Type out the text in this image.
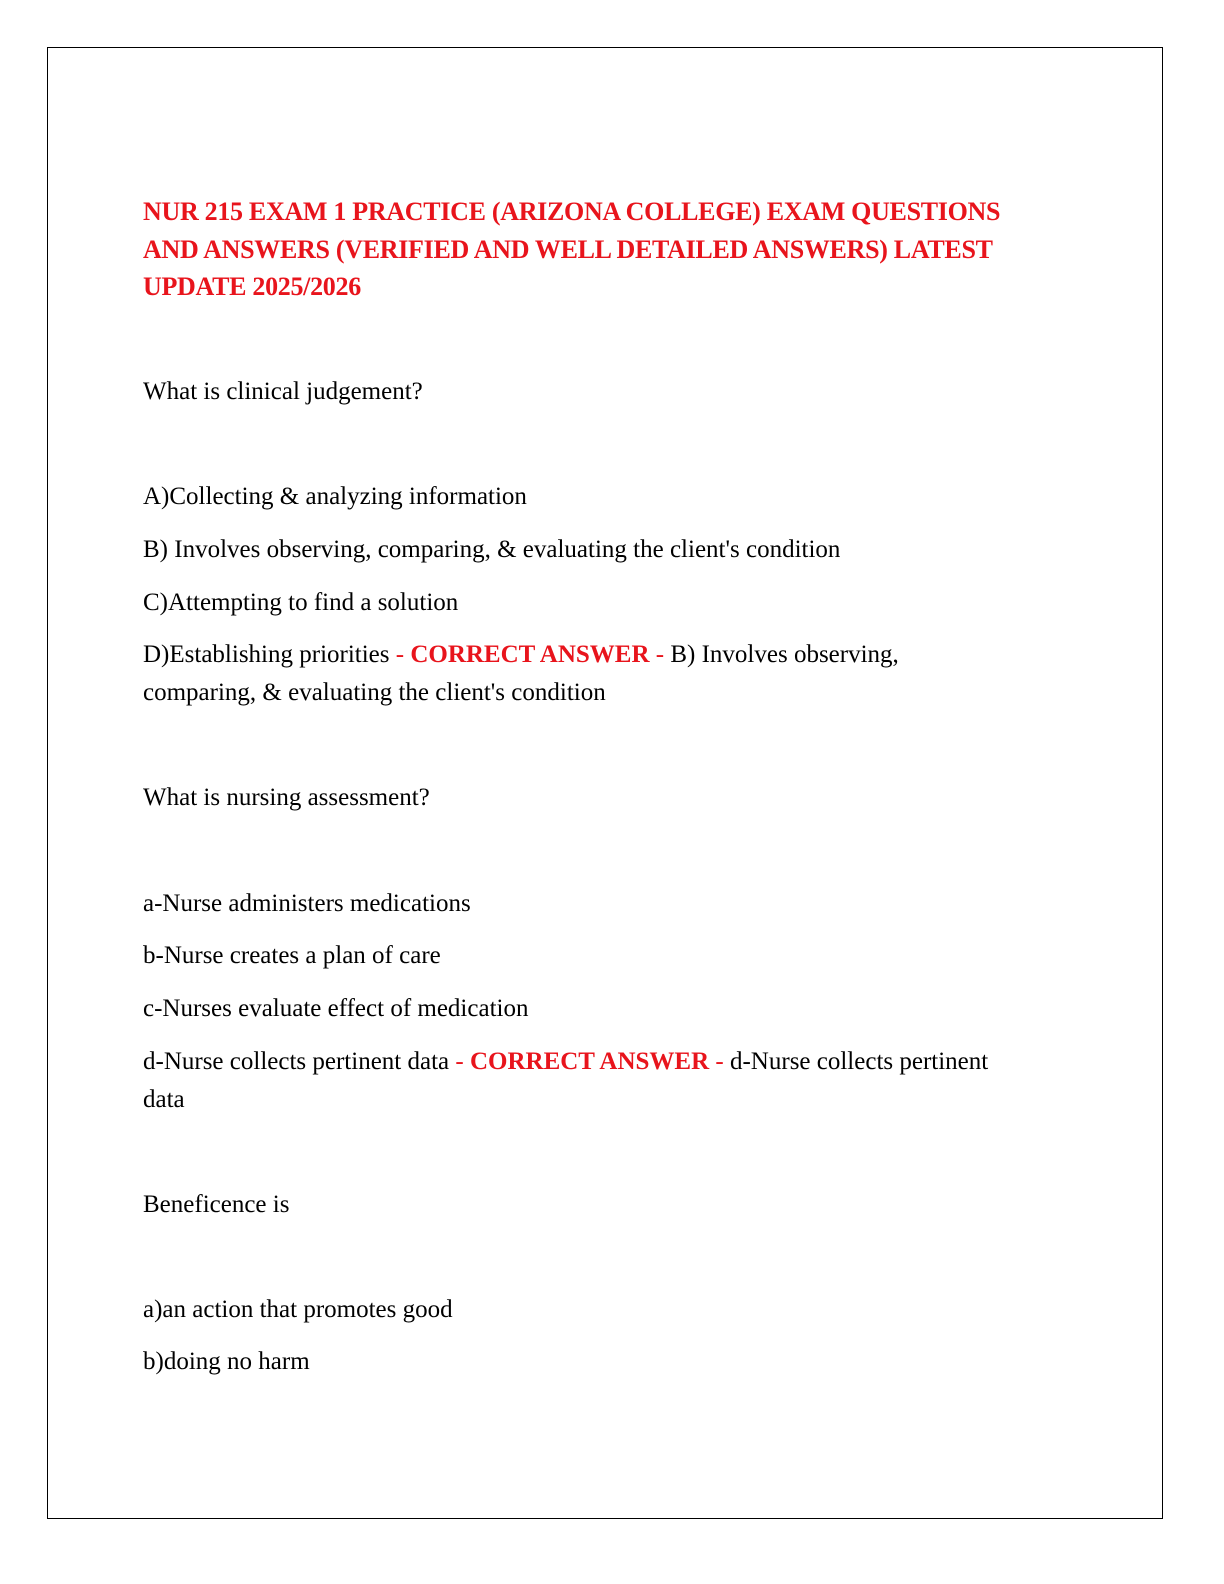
NUR 215 EXAM 1 PRACTICE (ARIZONA COLLEGE) EXAM QUESTIONS AND ANSWERS (VERIFIED AND WELL DETAILED ANSWERS) LATEST UPDATE 2025/2026

What is clinical judgement?

A)Collecting & analyzing information

B) Involves observing, comparing, & evaluating the client's condition

C)Attempting to find a solution

D)Establishing priorities - CORRECT ANSWER - B) Involves observing, comparing, & evaluating the client's condition

What is nursing assessment?

a-Nurse administers medications

b-Nurse creates a plan of care

c-Nurses evaluate effect of medication

d-Nurse collects pertinent data - CORRECT ANSWER - d-Nurse collects pertinent data

Beneficence is

a)an action that promotes good

b)doing no harm
